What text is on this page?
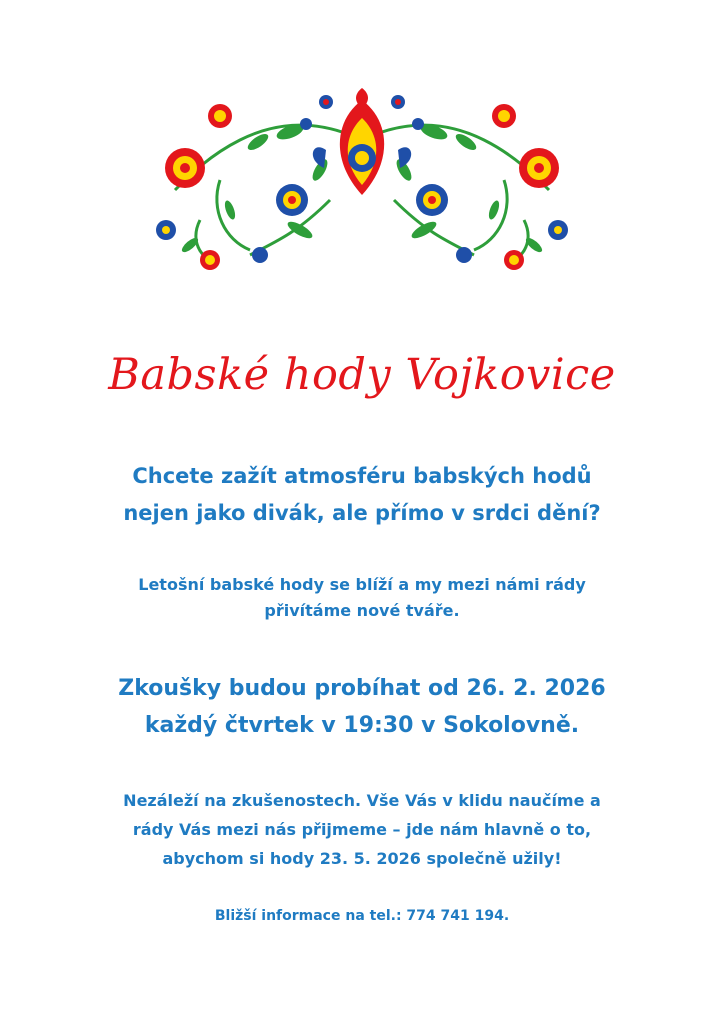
Babské hody Vojkovice
Chcete zažít atmosféru babských hodů
nejen jako divák, ale přímo v srdci dění?
Letošní babské hody se blíží a my mezi námi rády
přivítáme nové tváře.
Zkoušky budou probíhat od 26. 2. 2026
každý čtvrtek v 19:30 v Sokolovně.
Nezáleží na zkušenostech. Vše Vás v klidu naučíme a
rády Vás mezi nás přijmeme – jde nám hlavně o to,
abychom si hody 23. 5. 2026 společně užily!
Bližší informace na tel.: 774 741 194.
